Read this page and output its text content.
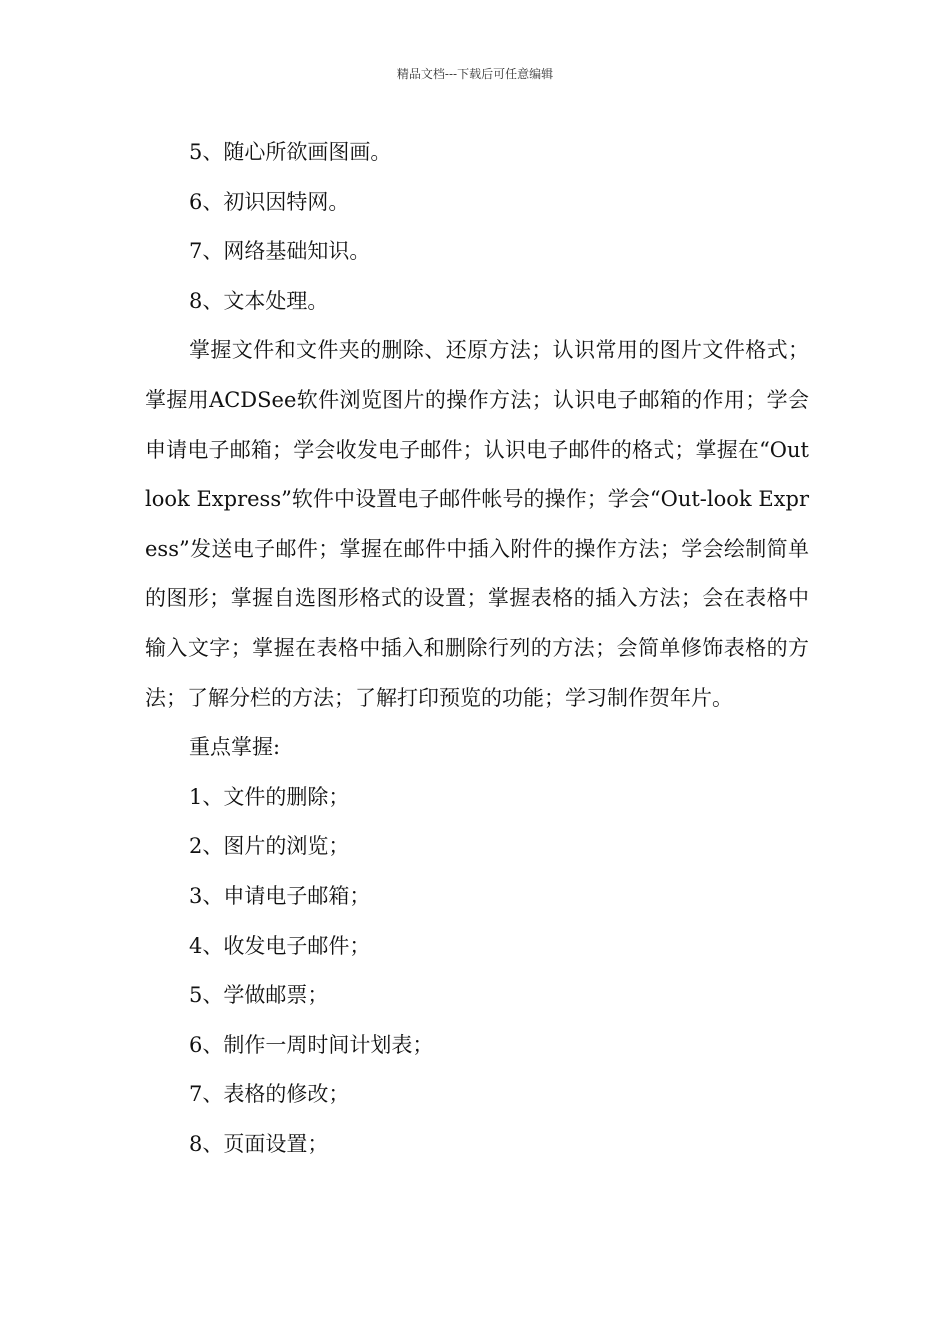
精品文档---下载后可任意编辑
5、随心所欲画图画。
6、初识因特网。
7、网络基础知识。
8、文本处理。
掌握文件和文件夹的删除、还原方法；认识常用的图片文件格式；掌握用ACDSee软件浏览图片的操作方法；认识电子邮箱的作用；学会申请电子邮箱；学会收发电子邮件；认识电子邮件的格式；掌握在“Outlook Express”软件中设置电子邮件帐号的操作；学会“Out-look Express”发送电子邮件；掌握在邮件中插入附件的操作方法；学会绘制简单的图形；掌握自选图形格式的设置；掌握表格的插入方法；会在表格中输入文字；掌握在表格中插入和删除行列的方法；会简单修饰表格的方法；了解分栏的方法；了解打印预览的功能；学习制作贺年片。
重点掌握:
1、文件的删除；
2、图片的浏览；
3、申请电子邮箱；
4、收发电子邮件；
5、学做邮票；
6、制作一周时间计划表；
7、表格的修改；
8、页面设置；
